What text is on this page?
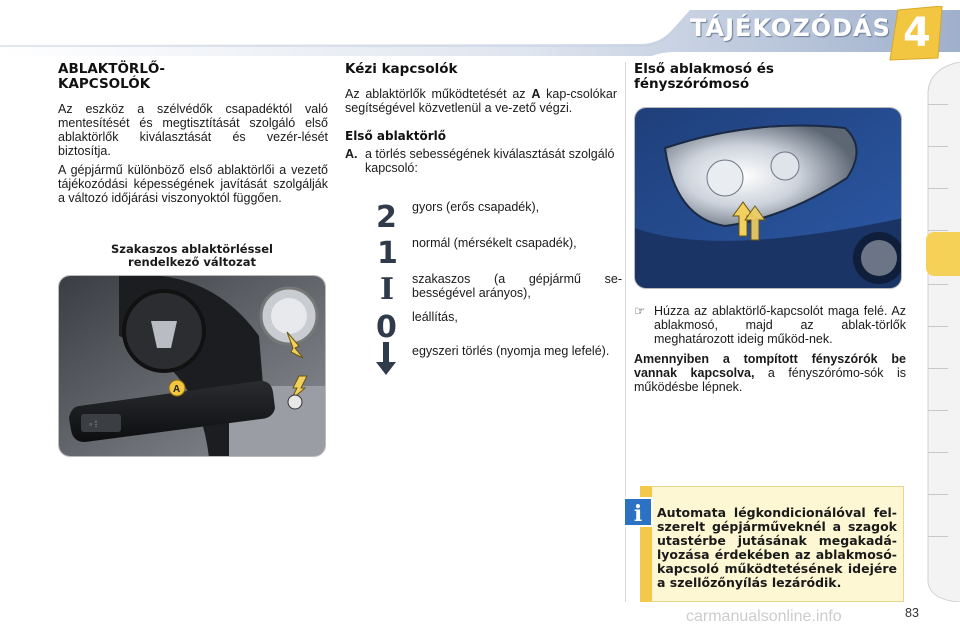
TÁJÉKOZÓDÁS 4
ABLAKTÖRLŐ-
KAPCSOLÓK

Az eszköz a szélvédők csapadéktól való mentesítését és megtisztítását szolgáló első ablaktörlők kiválasztását és vezér-lését biztosítja.

A gépjármű különböző első ablaktörlői a vezető tájékozódási képességének javítását szolgálják a változó időjárási viszonyoktól függően.

Szakaszos ablaktörléssel
rendelkező változat
◦ ⁞
A
Kézi kapcsolók

Az ablaktörlők működtetését az A kap-csolókar segítségével közvetlenül a ve-zető végzi.

Első ablaktörlő
A. a törlés sebességének kiválasztását szolgáló kapcsoló:
2 gyors (erős csapadék),
1 normál (mérsékelt csapadék),
I szakaszos (a gépjármű se-bességével arányos),
0 leállítás,
egyszeri törlés (nyomja meg lefelé).
Első ablakmosó és
fényszórómosó
☞ Húzza az ablaktörlő-kapcsolót maga felé. Az ablakmosó, majd az ablak-törlők meghatározott ideig működ-nek.

Amennyiben a tompított fényszórók be vannak kapcsolva, a fényszórómo-sók is működésbe lépnek.

i	Automata légkondicionálóval fel-szerelt gépjárműveknél a szagok utastérbe jutásának megakadá-lyozása érdekében az ablakmosó-kapcsoló működtetésének idejére a szellőzőnyílás lezáródik.
carmanualsonline.info	83
